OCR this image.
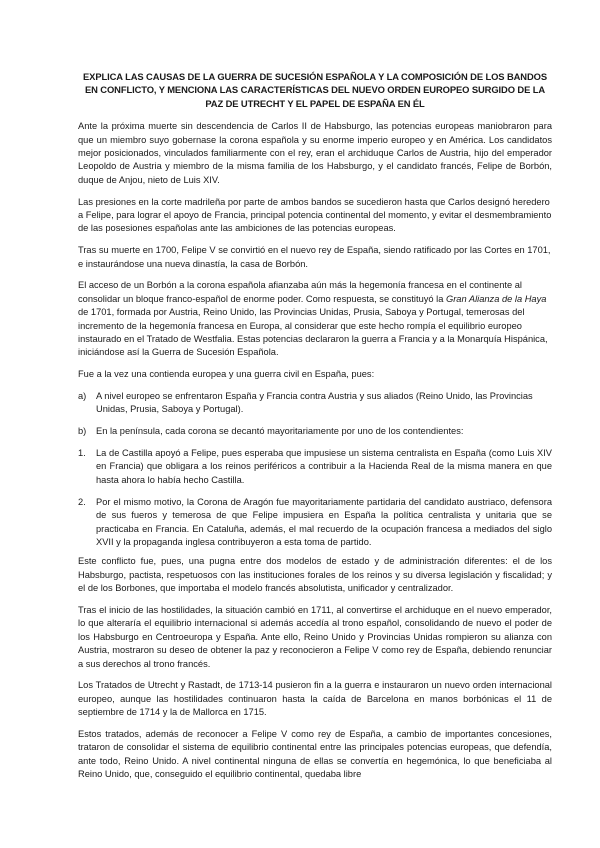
EXPLICA LAS CAUSAS DE LA GUERRA DE SUCESIÓN ESPAÑOLA Y LA COMPOSICIÓN DE LOS BANDOS EN CONFLICTO, Y MENCIONA LAS CARACTERÍSTICAS DEL NUEVO ORDEN EUROPEO SURGIDO DE LA PAZ DE UTRECHT Y EL PAPEL DE ESPAÑA EN ÉL

Ante la próxima muerte sin descendencia de Carlos II de Habsburgo, las potencias europeas maniobraron para que un miembro suyo gobernase la corona española y su enorme imperio europeo y en América. Los candidatos mejor posicionados, vinculados familiarmente con el rey, eran el archiduque Carlos de Austria, hijo del emperador Leopoldo de Austria y miembro de la misma familia de los Habsburgo, y el candidato francés, Felipe de Borbón, duque de Anjou, nieto de Luis XIV.

Las presiones en la corte madrileña por parte de ambos bandos se sucedieron hasta que Carlos designó heredero a Felipe, para lograr el apoyo de Francia, principal potencia continental del momento, y evitar el desmembramiento de las posesiones españolas ante las ambiciones de las potencias europeas.

Tras su muerte en 1700, Felipe V se convirtió en el nuevo rey de España, siendo ratificado por las Cortes en 1701, e instaurándose una nueva dinastía, la casa de Borbón.

El acceso de un Borbón a la corona española afianzaba aún más la hegemonía francesa en el continente al consolidar un bloque franco-español de enorme poder. Como respuesta, se constituyó la Gran Alianza de la Haya de 1701, formada por Austria, Reino Unido, las Provincias Unidas, Prusia, Saboya y Portugal, temerosas del incremento de la hegemonía francesa en Europa, al considerar que este hecho rompía el equilibrio europeo instaurado en el Tratado de Westfalia. Estas potencias declararon la guerra a Francia y a la Monarquía Hispánica, iniciándose así la Guerra de Sucesión Española.

Fue a la vez una contienda europea y una guerra civil en España, pues:

a)	A nivel europeo se enfrentaron España y Francia contra Austria y sus aliados (Reino Unido, las Provincias Unidas, Prusia, Saboya y Portugal).
b)	En la península, cada corona se decantó mayoritariamente por uno de los contendientes:
1.	La de Castilla apoyó a Felipe, pues esperaba que impusiese un sistema centralista en España (como Luis XIV en Francia) que obligara a los reinos periféricos a contribuir a la Hacienda Real de la misma manera en que hasta ahora lo había hecho Castilla.
2.	Por el mismo motivo, la Corona de Aragón fue mayoritariamente partidaria del candidato austriaco, defensora de sus fueros y temerosa de que Felipe impusiera en España la política centralista y unitaria que se practicaba en Francia. En Cataluña, además, el mal recuerdo de la ocupación francesa a mediados del siglo XVII y la propaganda inglesa contribuyeron a esta toma de partido.

Este conflicto fue, pues, una pugna entre dos modelos de estado y de administración diferentes: el de los Habsburgo, pactista, respetuosos con las instituciones forales de los reinos y su diversa legislación y fiscalidad; y el de los Borbones, que importaba el modelo francés absolutista, unificador y centralizador.

Tras el inicio de las hostilidades, la situación cambió en 1711, al convertirse el archiduque en el nuevo emperador, lo que alteraría el equilibrio internacional si además accedía al trono español, consolidando de nuevo el poder de los Habsburgo en Centroeuropa y España. Ante ello, Reino Unido y Provincias Unidas rompieron su alianza con Austria, mostraron su deseo de obtener la paz y reconocieron a Felipe V como rey de España, debiendo renunciar a sus derechos al trono francés.

Los Tratados de Utrecht y Rastadt, de 1713-14 pusieron fin a la guerra e instauraron un nuevo orden internacional europeo, aunque las hostilidades continuaron hasta la caída de Barcelona en manos borbónicas el 11 de septiembre de 1714 y la de Mallorca en 1715.

Estos tratados, además de reconocer a Felipe V como rey de España, a cambio de importantes concesiones, trataron de consolidar el sistema de equilibrio continental entre las principales potencias europeas, que defendía, ante todo, Reino Unido. A nivel continental ninguna de ellas se convertía en hegemónica, lo que beneficiaba al Reino Unido, que, conseguido el equilibrio continental, quedaba libre
